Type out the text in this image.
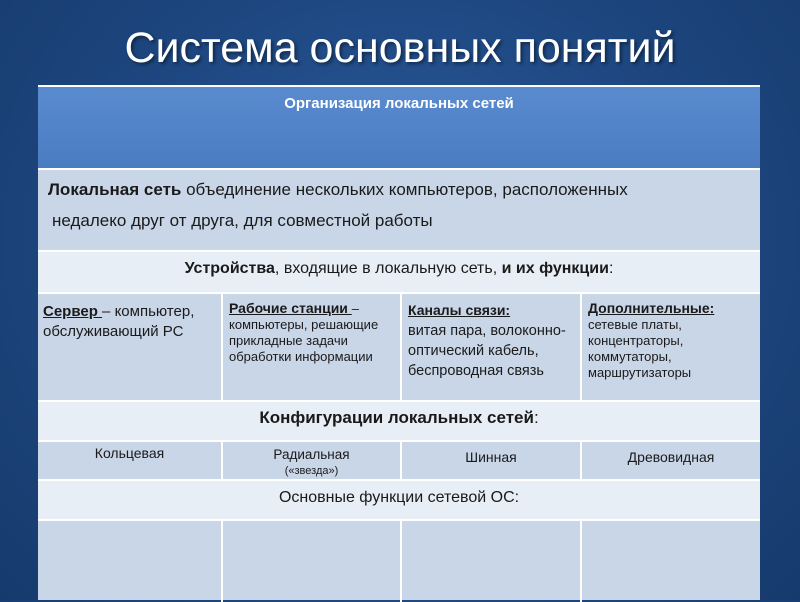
Система основных понятий
Организация локальных сетей
Локальная сеть объединение нескольких компьютеров, расположенных
недалеко друг от друга, для совместной работы
Устройства, входящие в локальную сеть, и их функции:
Сервер – компьютер, обслуживающий РС
Рабочие станции –
компьютеры, решающие прикладные задачи обработки информации
Каналы связи:
витая пара, волоконно-оптический кабель, беспроводная связь
Дополнительные:
сетевые платы, концентраторы, коммутаторы, маршрутизаторы
Конфигурации локальных сетей:
Кольцевая	Радиальная
(«звезда»)
Шинная	Древовидная
Основные функции сетевой ОС:
